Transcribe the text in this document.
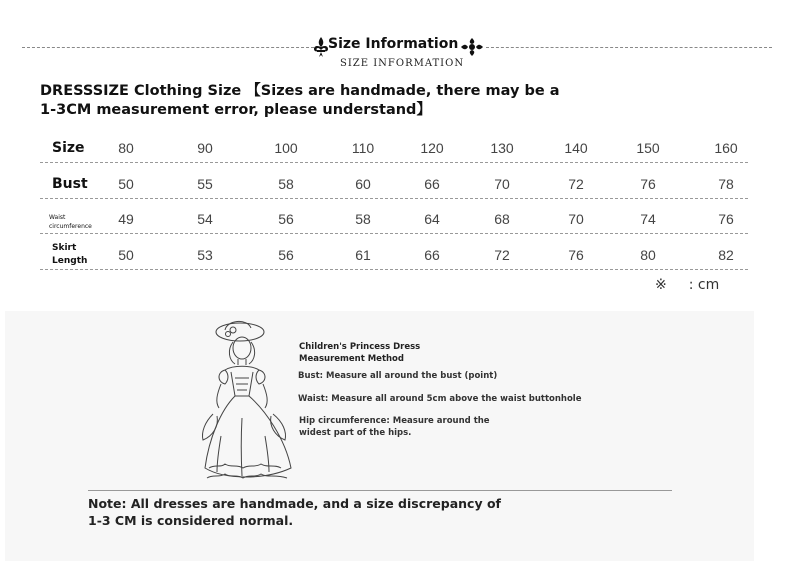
Size Information
SIZE INFORMATION
DRESSSIZE Clothing Size 【Sizes are handmade, there may be a 1-3CM measurement error, please understand】
Size	80	90	100	110	120	130	140	150	160
Bust	50	55	58	60	66	70	72	76	78
Waist circumference	49	54	56	58	64	68	70	74	76
Skirt Length	50	53	56	61	66	72	76	80	82
※ : cm
Children's Princess Dress
Measurement Method
Bust: Measure all around the bust (point)
Waist: Measure all around 5cm above the waist buttonhole
Hip circumference: Measure around the
widest part of the hips.
Note: All dresses are handmade, and a size discrepancy of 1-3 CM is considered normal.
